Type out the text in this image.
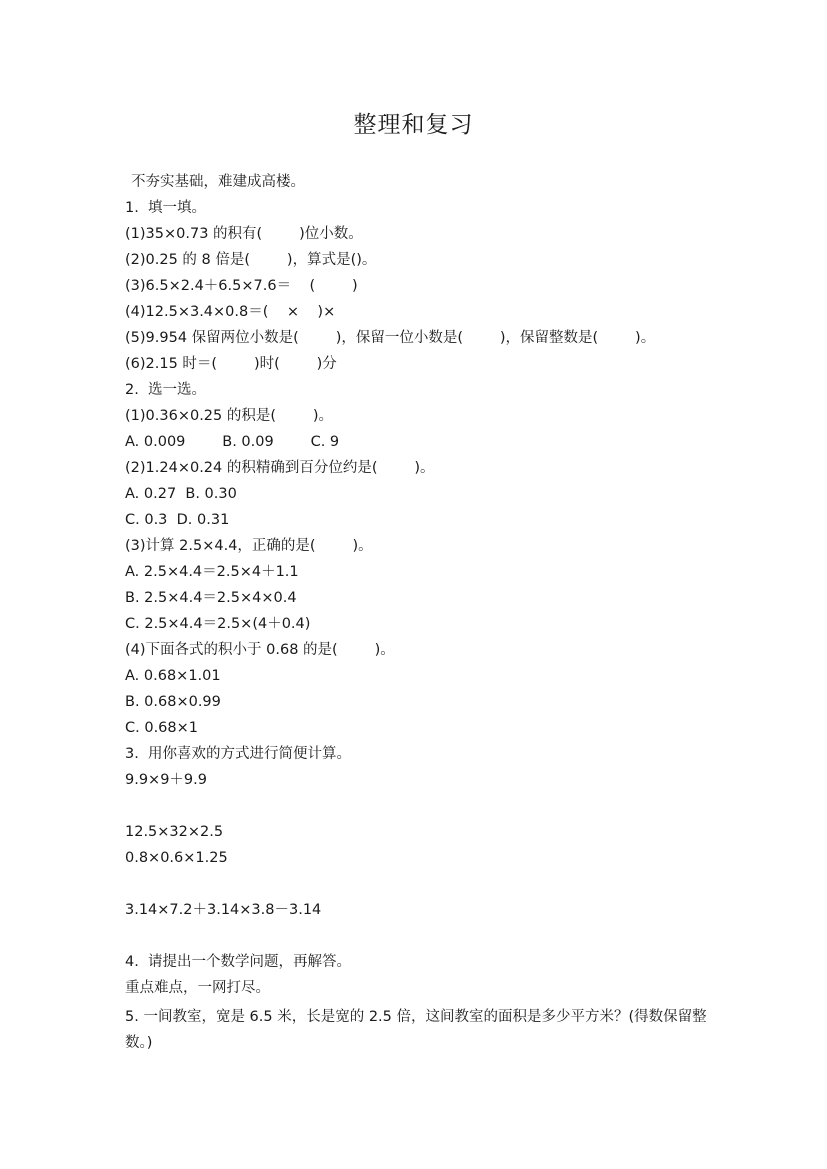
整理和复习
不夯实基础，难建成高楼。
1.  填一填。
(1)35×0.73 的积有(        )位小数。
(2)0.25 的 8 倍是(        )，算式是()。
(3)6.5×2.4＋6.5×7.6＝    (        )
(4)12.5×3.4×0.8＝(    ×    )×
(5)9.954 保留两位小数是(        )，保留一位小数是(        )，保留整数是(        )。
(6)2.15 时＝(        )时(        )分
2.  选一选。
(1)0.36×0.25 的积是(        )。
A. 0.009        B. 0.09        C. 9
(2)1.24×0.24 的积精确到百分位约是(        )。
A. 0.27  B. 0.30
C. 0.3  D. 0.31
(3)计算 2.5×4.4，正确的是(        )。
A. 2.5×4.4＝2.5×4＋1.1
B. 2.5×4.4＝2.5×4×0.4
C. 2.5×4.4＝2.5×(4＋0.4)
(4)下面各式的积小于 0.68 的是(        )。
A. 0.68×1.01
B. 0.68×0.99
C. 0.68×1
3.  用你喜欢的方式进行简便计算。
9.9×9＋9.9
12.5×32×2.5
0.8×0.6×1.25
3.14×7.2＋3.14×3.8－3.14
4.  请提出一个数学问题，再解答。
重点难点，一网打尽。
5. 一间教室，宽是 6.5 米，长是宽的 2.5 倍，这间教室的面积是多少平方米？(得数保留整数。)
